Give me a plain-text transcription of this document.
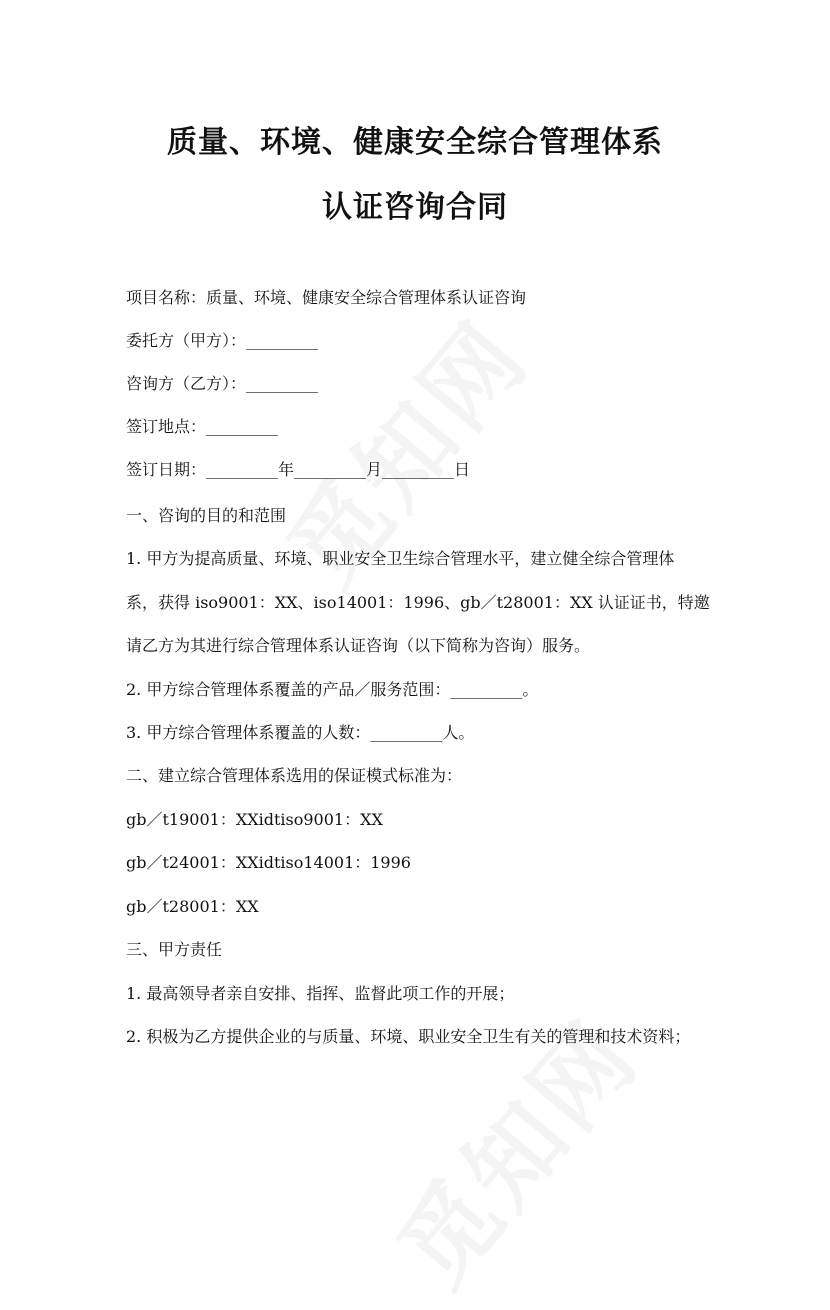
质量、环境、健康安全综合管理体系
认证咨询合同
项目名称：质量、环境、健康安全综合管理体系认证咨询
委托方（甲方）：_________
咨询方（乙方）：_________
签订地点：_________
签订日期：_________年_________月_________日
一、咨询的目的和范围
1. 甲方为提高质量、环境、职业安全卫生综合管理水平，建立健全综合管理体
系，获得 iso9001：XX、iso14001：1996、gb／t28001：XX 认证证书，特邀
请乙方为其进行综合管理体系认证咨询（以下简称为咨询）服务。
2. 甲方综合管理体系覆盖的产品／服务范围：_________。
3. 甲方综合管理体系覆盖的人数：_________人。
二、建立综合管理体系选用的保证模式标准为：
gb／t19001：XXidtiso9001：XX
gb／t24001：XXidtiso14001：1996
gb／t28001：XX
三、甲方责任
1. 最高领导者亲自安排、指挥、监督此项工作的开展；
2. 积极为乙方提供企业的与质量、环境、职业安全卫生有关的管理和技术资料；
